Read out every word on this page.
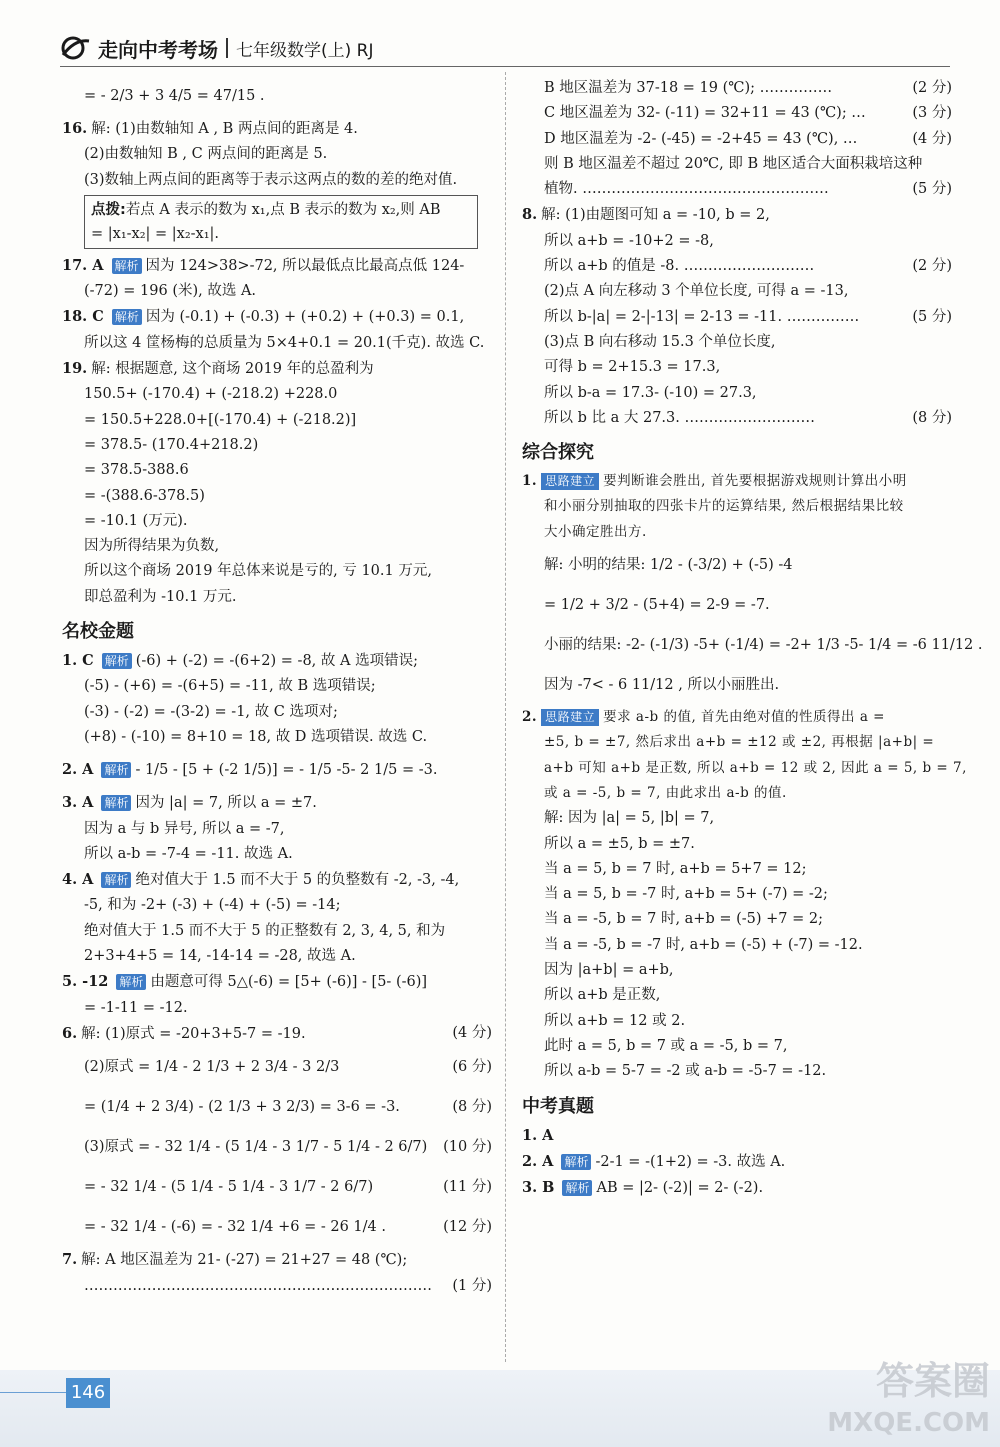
走向中考考场 七年级数学(上) RJ
= - 2/3 + 3 4/5 = 47/15 .
16. 解: (1)由数轴知 A , B 两点间的距离是 4.
(2)由数轴知 B , C 两点间的距离是 5.
(3)数轴上两点间的距离等于表示这两点的数的差的绝对值.
点拨:若点 A 表示的数为 x₁,点 B 表示的数为 x₂,则 AB
= |x₁-x₂| = |x₂-x₁|.
17. A 解析 因为 124>38>-72, 所以最低点比最高点低 124-
(-72) = 196 (米), 故选 A.
18. C 解析 因为 (-0.1) + (-0.3) + (+0.2) + (+0.3) = 0.1,
所以这 4 筐杨梅的总质量为 5×4+0.1 = 20.1(千克). 故选 C.
19. 解: 根据题意, 这个商场 2019 年的总盈利为
150.5+ (-170.4) + (-218.2) +228.0
= 150.5+228.0+[(-170.4) + (-218.2)]
= 378.5- (170.4+218.2)
= 378.5-388.6
= -(388.6-378.5)
= -10.1 (万元).
因为所得结果为负数,
所以这个商场 2019 年总体来说是亏的, 亏 10.1 万元,
即总盈利为 -10.1 万元.
名校金题
1. C 解析 (-6) + (-2) = -(6+2) = -8, 故 A 选项错误;
(-5) - (+6) = -(6+5) = -11, 故 B 选项错误;
(-3) - (-2) = -(3-2) = -1, 故 C 选项对;
(+8) - (-10) = 8+10 = 18, 故 D 选项错误. 故选 C.
2. A 解析 - 1/5 - [5 + (-2 1/5)] = - 1/5 -5- 2 1/5 = -3.
3. A 解析 因为 |a| = 7, 所以 a = ±7.
因为 a 与 b 异号, 所以 a = -7,
所以 a-b = -7-4 = -11. 故选 A.
4. A 解析 绝对值大于 1.5 而不大于 5 的负整数有 -2, -3, -4,
-5, 和为 -2+ (-3) + (-4) + (-5) = -14;
绝对值大于 1.5 而不大于 5 的正整数有 2, 3, 4, 5, 和为
2+3+4+5 = 14, -14-14 = -28, 故选 A.
5. -12 解析 由题意可得 5△(-6) = [5+ (-6)] - [5- (-6)]
= -1-11 = -12.
6. 解: (1)原式 = -20+3+5-7 = -19.	(4 分)
(2)原式 = 1/4 - 2 1/3 + 2 3/4 - 3 2/3	(6 分)
= (1/4 + 2 3/4) - (2 1/3 + 3 2/3) = 3-6 = -3.	(8 分)
(3)原式 = - 32 1/4 - (5 1/4 - 3 1/7 - 5 1/4 - 2 6/7) (10 分)
= - 32 1/4 - (5 1/4 - 5 1/4 - 3 1/7 - 2 6/7)	(11 分)
= - 32 1/4 - (-6) = - 32 1/4 +6 = - 26 1/4 .	(12 分)
7. 解: A 地区温差为 21- (-27) = 21+27 = 48 (℃);
……………………………………………………………… (1 分)
B 地区温差为 37-18 = 19 (℃); ……………	(2 分)
C 地区温差为 32- (-11) = 32+11 = 43 (℃); …	(3 分)
D 地区温差为 -2- (-45) = -2+45 = 43 (℃), …	(4 分)
则 B 地区温差不超过 20℃, 即 B 地区适合大面积栽培这种
植物. ……………………………………………	(5 分)
8. 解: (1)由题图可知 a = -10, b = 2,
所以 a+b = -10+2 = -8,
所以 a+b 的值是 -8. ………………………	(2 分)
(2)点 A 向左移动 3 个单位长度, 可得 a = -13,
所以 b-|a| = 2-|-13| = 2-13 = -11. ……………	(5 分)
(3)点 B 向右移动 15.3 个单位长度,
可得 b = 2+15.3 = 17.3,
所以 b-a = 17.3- (-10) = 27.3,
所以 b 比 a 大 27.3. ………………………	(8 分)
综合探究
1. 思路建立 要判断谁会胜出, 首先要根据游戏规则计算出小明
和小丽分别抽取的四张卡片的运算结果, 然后根据结果比较
大小确定胜出方.
解: 小明的结果: 1/2 - (-3/2) + (-5) -4
= 1/2 + 3/2 - (5+4) = 2-9 = -7.
小丽的结果: -2- (-1/3) -5+ (-1/4) = -2+ 1/3 -5- 1/4 = -6 11/12 .
因为 -7< - 6 11/12 , 所以小丽胜出.
2. 思路建立 要求 a-b 的值, 首先由绝对值的性质得出 a =
±5, b = ±7, 然后求出 a+b = ±12 或 ±2, 再根据 |a+b| =
a+b 可知 a+b 是正数, 所以 a+b = 12 或 2, 因此 a = 5, b = 7,
或 a = -5, b = 7, 由此求出 a-b 的值.
解: 因为 |a| = 5, |b| = 7,
所以 a = ±5, b = ±7.
当 a = 5, b = 7 时, a+b = 5+7 = 12;
当 a = 5, b = -7 时, a+b = 5+ (-7) = -2;
当 a = -5, b = 7 时, a+b = (-5) +7 = 2;
当 a = -5, b = -7 时, a+b = (-5) + (-7) = -12.
因为 |a+b| = a+b,
所以 a+b 是正数,
所以 a+b = 12 或 2.
此时 a = 5, b = 7 或 a = -5, b = 7,
所以 a-b = 5-7 = -2 或 a-b = -5-7 = -12.
中考真题
1. A
2. A 解析 -2-1 = -(1+2) = -3. 故选 A.
3. B 解析 AB = |2- (-2)| = 2- (-2).
146	答案圈
MXQE.COM
